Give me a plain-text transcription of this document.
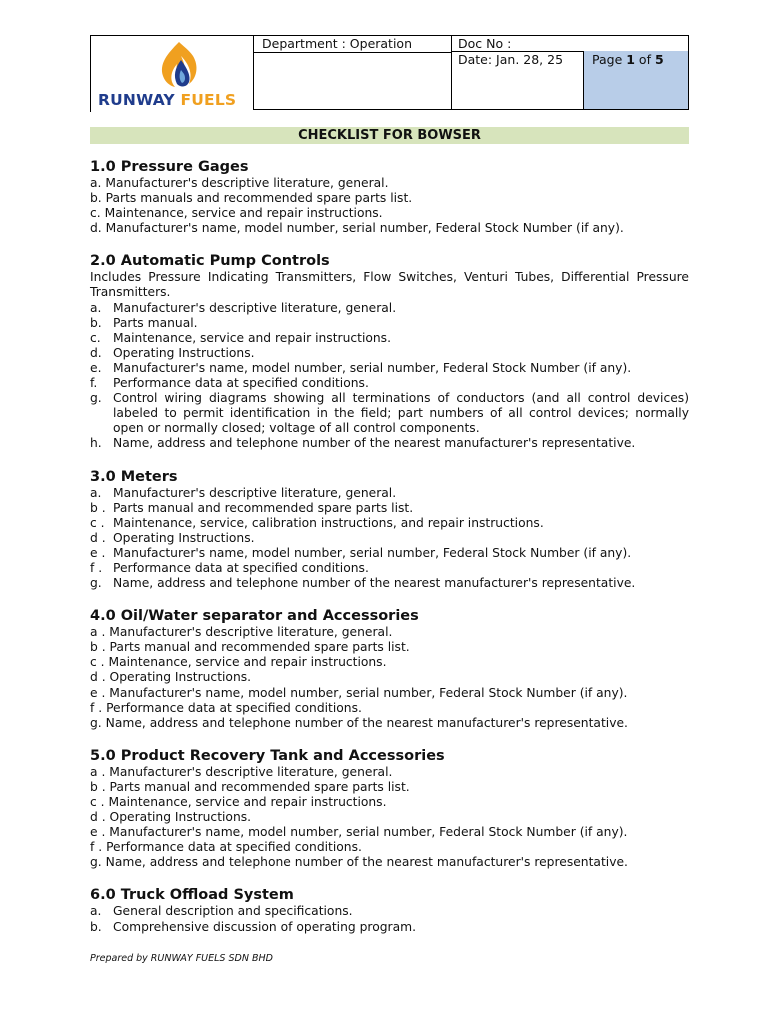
RUNWAY FUELS
Department : Operation	Doc No :
Date: Jan. 28, 25	Page 1 of 5
CHECKLIST FOR BOWSER
1.0 Pressure Gages
a. Manufacturer's descriptive literature, general.
b. Parts manuals and recommended spare parts list.
c. Maintenance, service and repair instructions.
d. Manufacturer's name, model number, serial number, Federal Stock Number (if any).
2.0 Automatic Pump Controls
Includes Pressure Indicating Transmitters, Flow Switches, Venturi Tubes, Differential Pressure Transmitters.
a. Manufacturer's descriptive literature, general.
b. Parts manual.
c.	Maintenance, service and repair instructions.
d. Operating Instructions.
e. Manufacturer's name, model number, serial number, Federal Stock Number (if any).
f.	Performance data at specified conditions.
g. Control wiring diagrams showing all terminations of conductors (and all control devices) labeled to permit identification in the field; part numbers of all control devices; normally open or normally closed; voltage of all control components.
h. Name, address and telephone number of the nearest manufacturer's representative.
3.0 Meters
a. Manufacturer's descriptive literature, general.
b . Parts manual and recommended spare parts list.
c . Maintenance, service, calibration instructions, and repair instructions.
d . Operating Instructions.
e . Manufacturer's name, model number, serial number, Federal Stock Number (if any).
f . Performance data at specified conditions.
g. Name, address and telephone number of the nearest manufacturer's representative.
4.0 Oil/Water separator and Accessories
a . Manufacturer's descriptive literature, general.
b . Parts manual and recommended spare parts list.
c . Maintenance, service and repair instructions.
d . Operating Instructions.
e . Manufacturer's name, model number, serial number, Federal Stock Number (if any).
f . Performance data at specified conditions.
g. Name, address and telephone number of the nearest manufacturer's representative.
5.0 Product Recovery Tank and Accessories
a . Manufacturer's descriptive literature, general.
b . Parts manual and recommended spare parts list.
c . Maintenance, service and repair instructions.
d . Operating Instructions.
e . Manufacturer's name, model number, serial number, Federal Stock Number (if any).
f . Performance data at specified conditions.
g. Name, address and telephone number of the nearest manufacturer's representative.
6.0 Truck Offload System
a. General description and specifications.
b. Comprehensive discussion of operating program.
Prepared by RUNWAY FUELS SDN BHD
